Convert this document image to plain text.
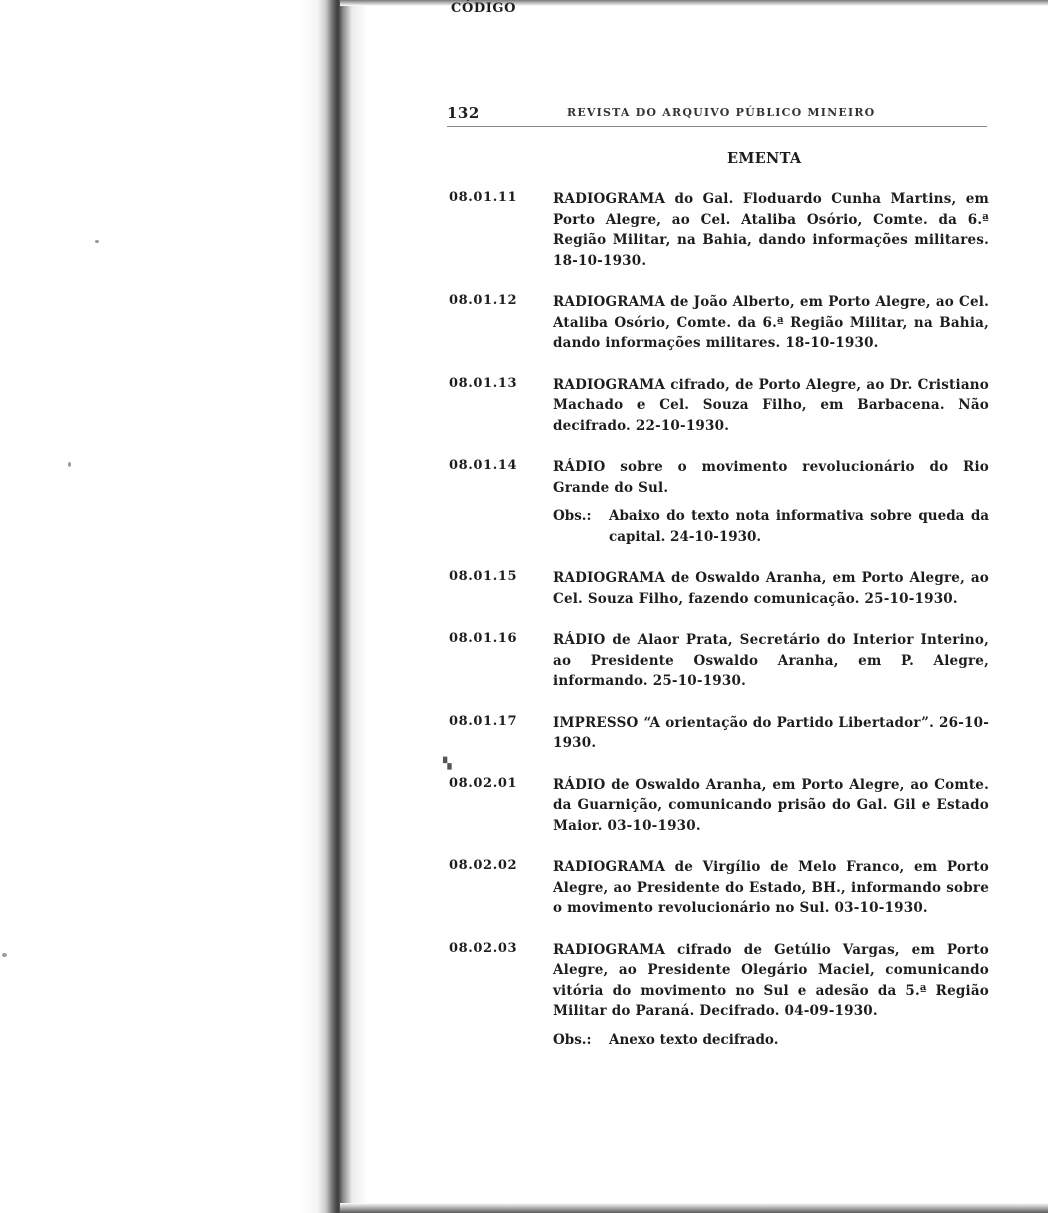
132	REVISTA DO ARQUIVO PÚBLICO MINEIRO
CÓDIGO
EMENTA
08.01.11	RADIOGRAMA do Gal. Floduardo Cunha Martins, em Porto Alegre, ao Cel. Ataliba Osório, Comte. da 6.ª Região Militar, na Bahia, dando informações militares. 18-10-1930.
08.01.12	RADIOGRAMA de João Alberto, em Porto Alegre, ao Cel. Ataliba Osório, Comte. da 6.ª Região Militar, na Bahia, dando informações militares. 18-10-1930.
08.01.13	RADIOGRAMA cifrado, de Porto Alegre, ao Dr. Cristiano Machado e Cel. Souza Filho, em Barbacena. Não decifrado. 22-10-1930.
08.01.14	RÁDIO sobre o movimento revolucionário do Rio Grande do Sul.
Obs.: Abaixo do texto nota informativa sobre queda da capital. 24-10-1930.
08.01.15	RADIOGRAMA de Oswaldo Aranha, em Porto Alegre, ao Cel. Souza Filho, fazendo comunicação. 25-10-1930.
08.01.16	RÁDIO de Alaor Prata, Secretário do Interior Interino, ao Presidente Oswaldo Aranha, em P. Alegre, informando. 25-10-1930.
08.01.17	IMPRESSO “A orientação do Partido Libertador”. 26-10-1930.
▚
08.02.01	RÁDIO de Oswaldo Aranha, em Porto Alegre, ao Comte. da Guarnição, comunicando prisão do Gal. Gil e Estado Maior. 03-10-1930.
08.02.02	RADIOGRAMA de Virgílio de Melo Franco, em Porto Alegre, ao Presidente do Estado, BH., informando sobre o movimento revolucionário no Sul. 03-10-1930.
08.02.03	RADIOGRAMA cifrado de Getúlio Vargas, em Porto Alegre, ao Presidente Olegário Maciel, comunicando vitória do movimento no Sul e adesão da 5.ª Região Militar do Paraná. Decifrado. 04-09-1930.
Obs.: Anexo texto decifrado.
